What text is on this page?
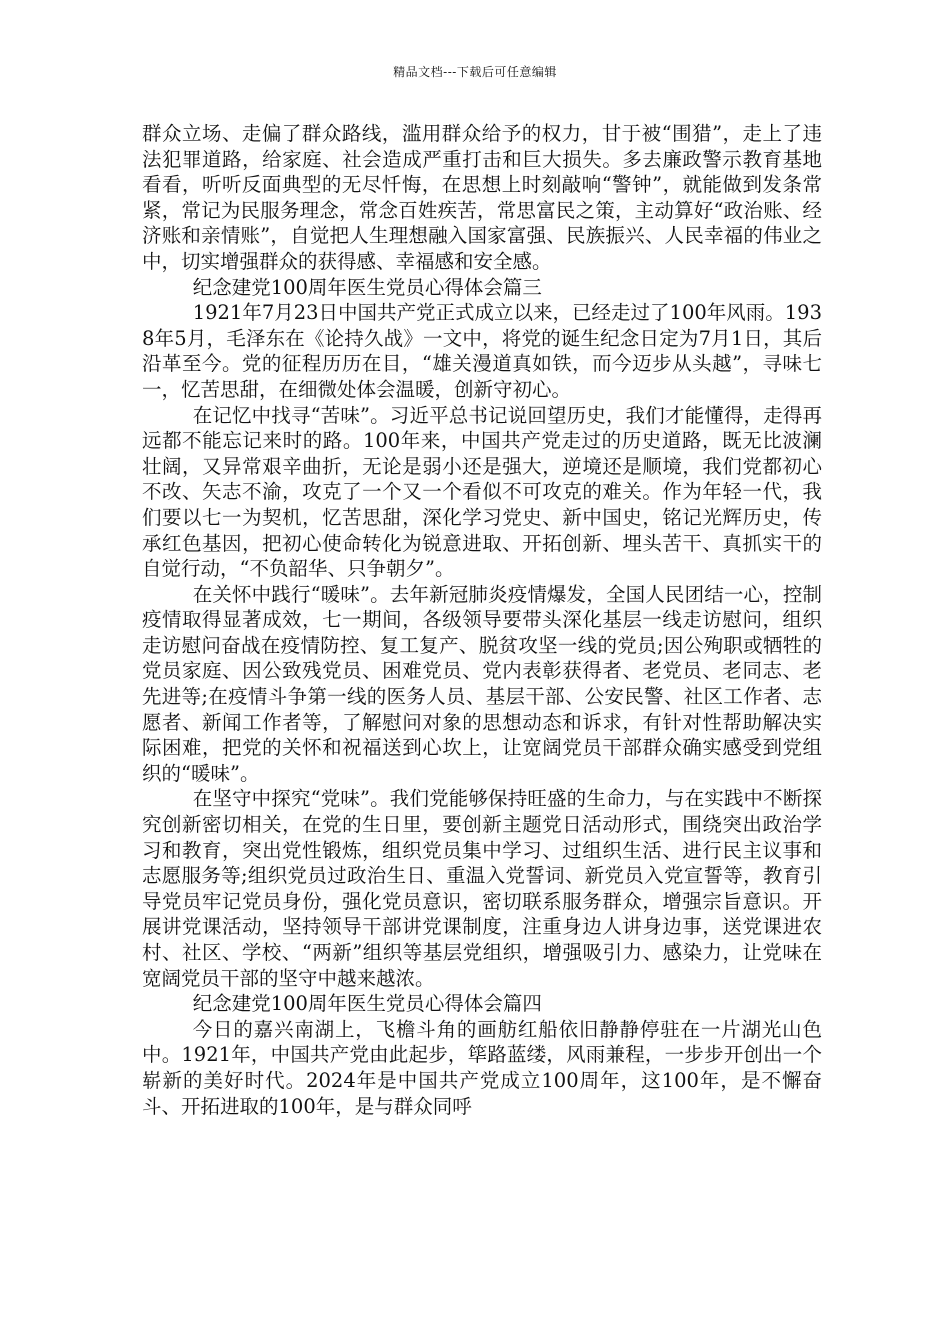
精品文档---下载后可任意编辑

群众立场、走偏了群众路线，滥用群众给予的权力，甘于被“围猎”，走上了违法犯罪道路，给家庭、社会造成严重打击和巨大损失。多去廉政警示教育基地看看，听听反面典型的无尽忏悔，在思想上时刻敲响“警钟”，就能做到发条常紧，常记为民服务理念，常念百姓疾苦，常思富民之策，主动算好“政治账、经济账和亲情账”，自觉把人生理想融入国家富强、民族振兴、人民幸福的伟业之中，切实增强群众的获得感、幸福感和安全感。

纪念建党100周年医生党员心得体会篇三

1921年7月23日中国共产党正式成立以来，已经走过了100年风雨。1938年5月，毛泽东在《论持久战》一文中，将党的诞生纪念日定为7月1日，其后沿革至今。党的征程历历在目，“雄关漫道真如铁，而今迈步从头越”，寻味七一，忆苦思甜，在细微处体会温暖，创新守初心。

在记忆中找寻“苦味”。习近平总书记说回望历史，我们才能懂得，走得再远都不能忘记来时的路。100年来，中国共产党走过的历史道路，既无比波澜壮阔，又异常艰辛曲折，无论是弱小还是强大，逆境还是顺境，我们党都初心不改、矢志不渝，攻克了一个又一个看似不可攻克的难关。作为年轻一代，我们要以七一为契机，忆苦思甜，深化学习党史、新中国史，铭记光辉历史，传承红色基因，把初心使命转化为锐意进取、开拓创新、埋头苦干、真抓实干的自觉行动，“不负韶华、只争朝夕”。

在关怀中践行“暖味”。去年新冠肺炎疫情爆发，全国人民团结一心，控制疫情取得显著成效，七一期间，各级领导要带头深化基层一线走访慰问，组织走访慰问奋战在疫情防控、复工复产、脱贫攻坚一线的党员;因公殉职或牺牲的党员家庭、因公致残党员、困难党员、党内表彰获得者、老党员、老同志、老先进等;在疫情斗争第一线的医务人员、基层干部、公安民警、社区工作者、志愿者、新闻工作者等，了解慰问对象的思想动态和诉求，有针对性帮助解决实际困难，把党的关怀和祝福送到心坎上，让宽阔党员干部群众确实感受到党组织的“暖味”。

在坚守中探究“党味”。我们党能够保持旺盛的生命力，与在实践中不断探究创新密切相关，在党的生日里，要创新主题党日活动形式，围绕突出政治学习和教育，突出党性锻炼，组织党员集中学习、过组织生活、进行民主议事和志愿服务等;组织党员过政治生日、重温入党誓词、新党员入党宣誓等，教育引导党员牢记党员身份，强化党员意识，密切联系服务群众，增强宗旨意识。开展讲党课活动，坚持领导干部讲党课制度，注重身边人讲身边事，送党课进农村、社区、学校、“两新”组织等基层党组织，增强吸引力、感染力，让党味在宽阔党员干部的坚守中越来越浓。

纪念建党100周年医生党员心得体会篇四

今日的嘉兴南湖上，飞檐斗角的画舫红船依旧静静停驻在一片湖光山色中。1921年，中国共产党由此起步，筚路蓝缕，风雨兼程，一步步开创出一个崭新的美好时代。2024年是中国共产党成立100周年，这100年，是不懈奋斗、开拓进取的100年，是与群众同呼
